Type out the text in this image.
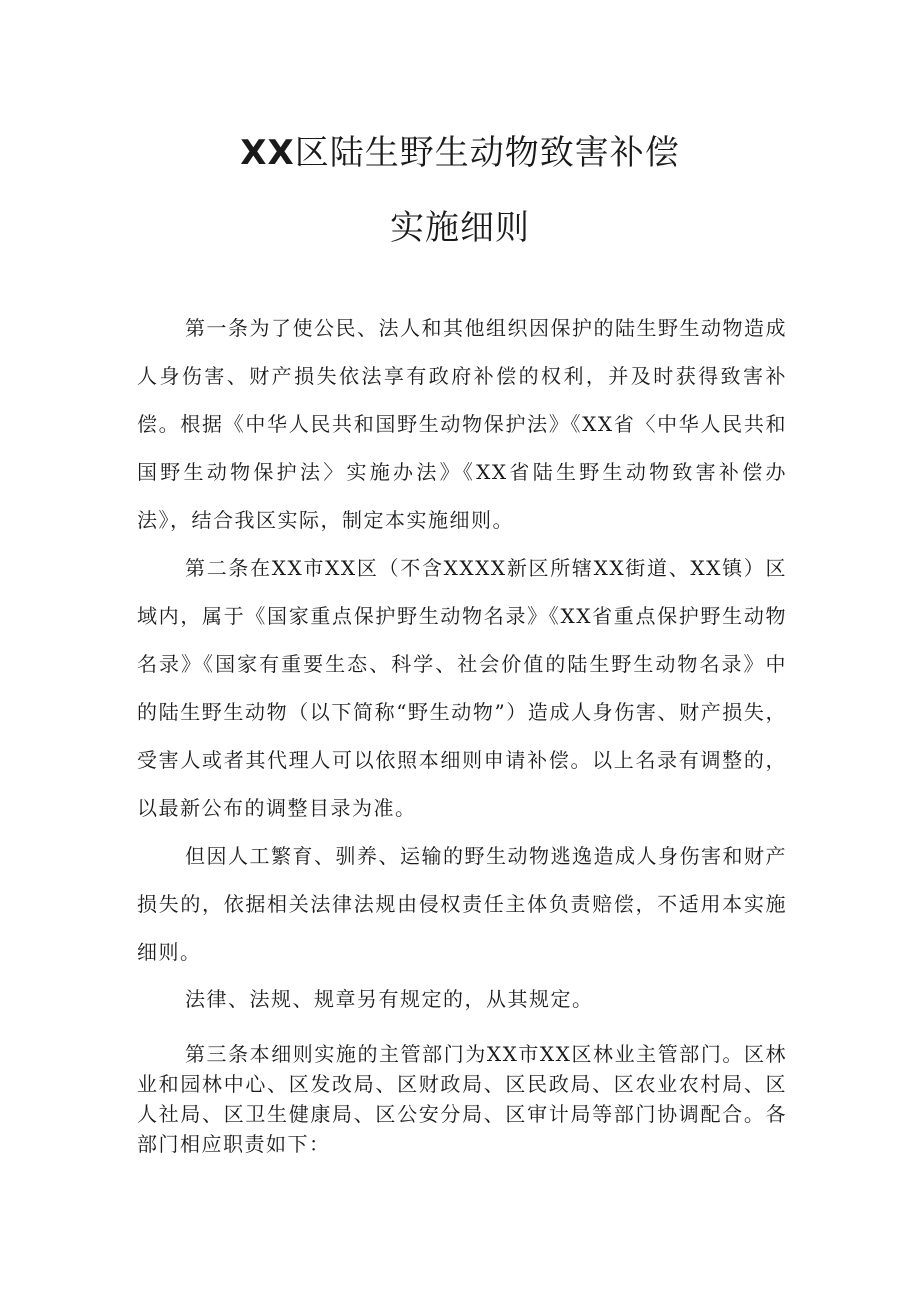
XX区陆生野生动物致害补偿
实施细则

第一条为了使公民、法人和其他组织因保护的陆生野生动物造成人身伤害、财产损失依法享有政府补偿的权利，并及时获得致害补偿。根据《中华人民共和国野生动物保护法》《XX省〈中华人民共和国野生动物保护法〉实施办法》《XX省陆生野生动物致害补偿办法》，结合我区实际，制定本实施细则。

第二条在XX市XX区（不含XXXX新区所辖XX街道、XX镇）区域内，属于《国家重点保护野生动物名录》《XX省重点保护野生动物名录》《国家有重要生态、科学、社会价值的陆生野生动物名录》中的陆生野生动物（以下简称“野生动物”）造成人身伤害、财产损失，受害人或者其代理人可以依照本细则申请补偿。以上名录有调整的，以最新公布的调整目录为准。

但因人工繁育、驯养、运输的野生动物逃逸造成人身伤害和财产损失的，依据相关法律法规由侵权责任主体负责赔偿，不适用本实施细则。

法律、法规、规章另有规定的，从其规定。

第三条本细则实施的主管部门为XX市XX区林业主管部门。区林业和园林中心、区发改局、区财政局、区民政局、区农业农村局、区人社局、区卫生健康局、区公安分局、区审计局等部门协调配合。各部门相应职责如下：
